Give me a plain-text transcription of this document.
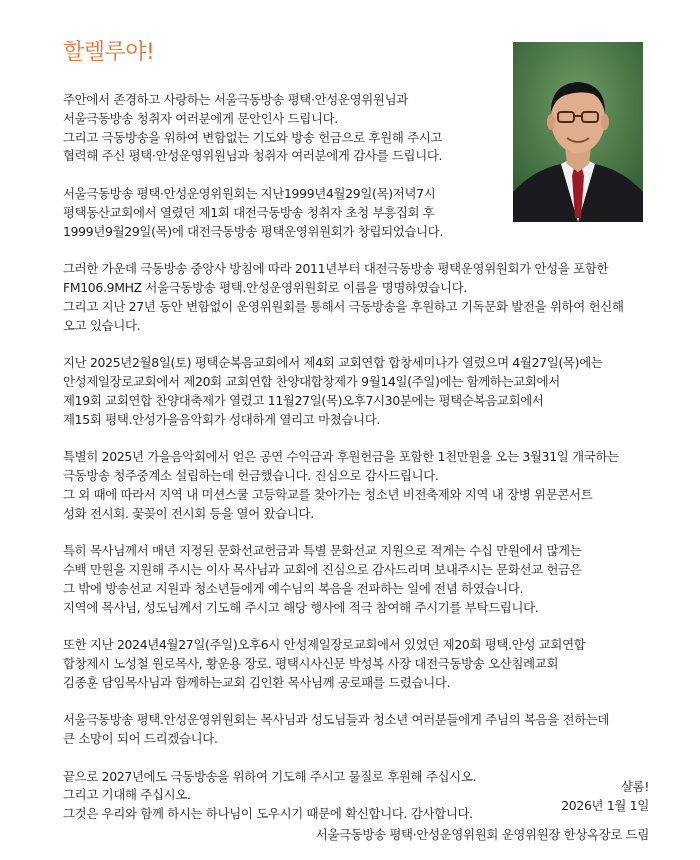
할렐루야!
주안에서 존경하고 사랑하는 서울극동방송 평택·안성운영위원님과
서울극동방송 청취자 여러분에게 문안인사 드립니다.
그리고 극동방송을 위하여 변함없는 기도와 방송 헌금으로 후원해 주시고
협력해 주신 평택·안성운영위원님과 청취자 여러분에게 감사를 드립니다.
서울극동방송 평택·안성운영위원회는 지난1999년4월29일(목)저녁7시
평택동산교회에서 열렸던 제1회 대전극동방송 청취자 초청 부흥집회 후
1999년9월29일(목)에 대전극동방송 평택운영위원회가 창립되었습니다.
그러한 가운데 극동방송 중앙사 방침에 따라 2011년부터 대전극동방송 평택운영위원회가 안성을 포함한
FM106.9MHZ 서울극동방송 평택.안성운영위원회로 이름을 명명하였습니다.
그리고 지난 27년 동안 변함없이 운영위원회를 통해서 극동방송을 후원하고 기독문화 발전을 위하여 헌신해
오고 있습니다.
지난 2025년2월8일(토) 평택순복음교회에서 제4회 교회연합 합창세미나가 열렸으며 4월27일(목)에는
안성제일장로교회에서 제20회 교회연합 찬양대합창제가 9월14일(주일)에는 함께하는교회에서
제19회 교회연합 찬양대축제가 열렸고 11월27일(목)오후7시30분에는 평택순복음교회에서
제15회 평택.안성가을음악회가 성대하게 열리고 마쳤습니다.
특별히 2025년 가을음악회에서 얻은 공연 수익금과 후원헌금을 포함한 1천만원을 오는 3월31일 개국하는
극동방송 청주중계소 설립하는데 헌금했습니다. 진심으로 감사드립니다.
그 외 때에 따라서 지역 내 미션스쿨 고등학교를 찾아가는 청소년 비전축제와 지역 내 장병 위문콘서트
성화 전시회. 꽃꽂이 전시회 등을 열어 왔습니다.
특히 목사님께서 매년 지정된 문화선교헌금과 특별 문화선교 지원으로 적게는 수십 만원에서 많게는
수백 만원을 지원해 주시는 이사 목사님과 교회에 진심으로 감사드리며 보내주시는 문화선교 헌금은
그 밖에 방송선교 지원과 청소년들에게 예수님의 복음을 전파하는 일에 전념 하였습니다.
지역에 목사님, 성도님께서 기도해 주시고 해당 행사에 적극 참여해 주시기를 부탁드립니다.
또한 지난 2024년4월27일(주일)오후6시 안성제일장로교회에서 있었던 제20회 평택.안성 교회연합
합창제시 노성철 원로목사, 황운용 장로. 평택시사신문 박성복 사장 대전극동방송 오산침례교회
김종훈 담임목사님과 함께하는교회 김인환 목사님께 공로패를 드렸습니다.
서울극동방송 평택.안성운영위원회는 목사님과 성도님들과 청소년 여러분들에게 주님의 복음을 전하는데
큰 소망이 되어 드리겠습니다.
끝으로 2027년에도 극동방송을 위하여 기도해 주시고 물질로 후원해 주십시오.
그리고 기대해 주십시오.
그것은 우리와 함께 하시는 하나님이 도우시기 때문에 확신합니다. 감사합니다.
샬롬!
2026년 1월 1일
서울극동방송 평택·안성운영위원회 운영위원장 한상옥장로 드림
